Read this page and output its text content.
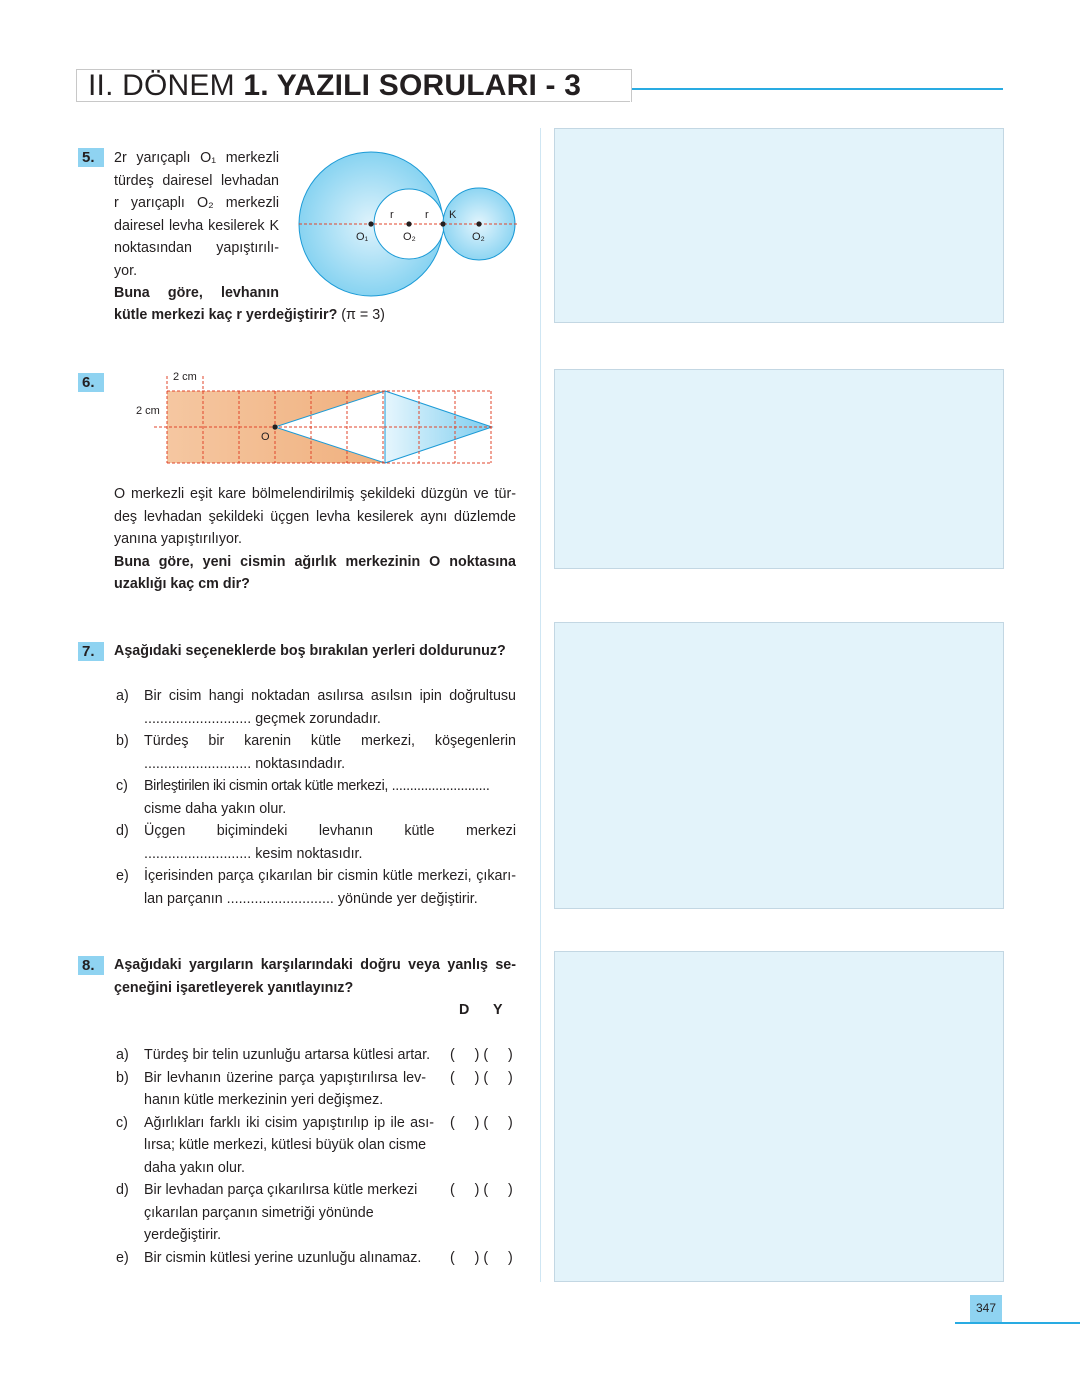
II. DÖNEM 1. YAZILI SORULARI - 3
5.	2r yarıçaplı O₁ merkezli
türdeş dairesel levhadan
r yarıçaplı O₂ merkezli
dairesel levha kesilerek K
noktasından yapıştırılı-
yor.
Buna göre, levhanın
kütle merkezi kaç r yerdeğiştirir? (π = 3)
r	r K
O₁	O₂	O₂
6.	2 cm
2 cm
O
O merkezli eşit kare bölmelendirilmiş şekildeki düzgün ve tür-
deş levhadan şekildeki üçgen levha kesilerek aynı düzlemde
yanına yapıştırılıyor.
Buna göre, yeni cismin ağırlık merkezinin O noktasına
uzaklığı kaç cm dir?
7.	Aşağıdaki seçeneklerde boş bırakılan yerleri doldurunuz?
a)	Bir cisim hangi noktadan asılırsa asılsın ipin doğrultusu
........................... geçmek zorundadır.
b)	Türdeş bir karenin kütle merkezi, köşegenlerin
........................... noktasındadır.
c)	Birleştirilen iki cismin ortak kütle merkezi, ...........................
cisme daha yakın olur.
d)	Üçgen biçimindeki levhanın kütle merkezi
........................... kesim noktasıdır.
e)	İçerisinden parça çıkarılan bir cismin kütle merkezi, çıkarı-
lan parçanın ........................... yönünde yer değiştirir.
8.	Aşağıdaki yargıların karşılarındaki doğru veya yanlış se-
çeneğini işaretleyerek yanıtlayınız?
D Y
a)	Türdeş bir telin uzunluğu artarsa kütlesi artar.	(     ) (     )
b)	Bir levhanın üzerine parça yapıştırılırsa lev-
hanın kütle merkezinin yeri değişmez.
(     ) (     )
c)	Ağırlıkları farklı iki cisim yapıştırılıp ip ile ası-
lırsa; kütle merkezi, kütlesi büyük olan cisme
daha yakın olur.
(     ) (     )
d)	Bir levhadan parça çıkarılırsa kütle merkezi
çıkarılan parçanın simetriği yönünde
yerdeğiştirir.
(     ) (     )
e)	Bir cismin kütlesi yerine uzunluğu alınamaz.	(     ) (     )
347
